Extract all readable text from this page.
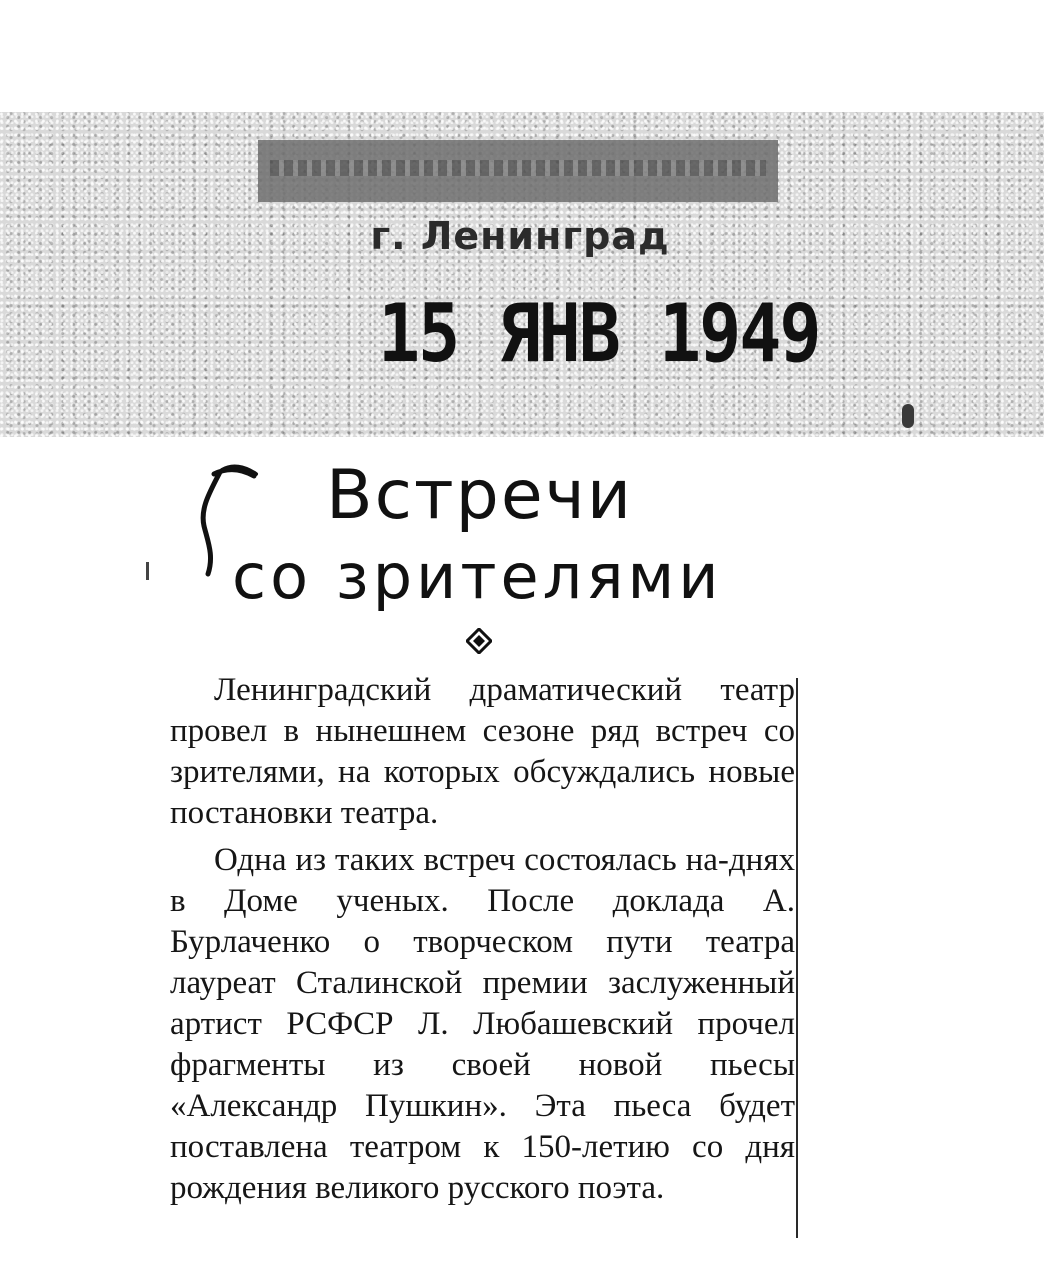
г. Ленинград
15 ЯНВ 1949
Встречи
со зрителями

Ленинградский драматический театр провел в нынешнем сезоне ряд встреч со зрителями, на которых обсуждались новые постановки театра.

Одна из таких встреч состоялась на-днях в Доме ученых. После доклада А. Бурлаченко о творческом пути театра лауреат Сталинской премии заслуженный артист РСФСР Л. Любашевский прочел фрагменты из своей новой пьесы «Александр Пушкин». Эта пьеса будет поставлена театром к 150-летию со дня рождения великого русского поэта.
